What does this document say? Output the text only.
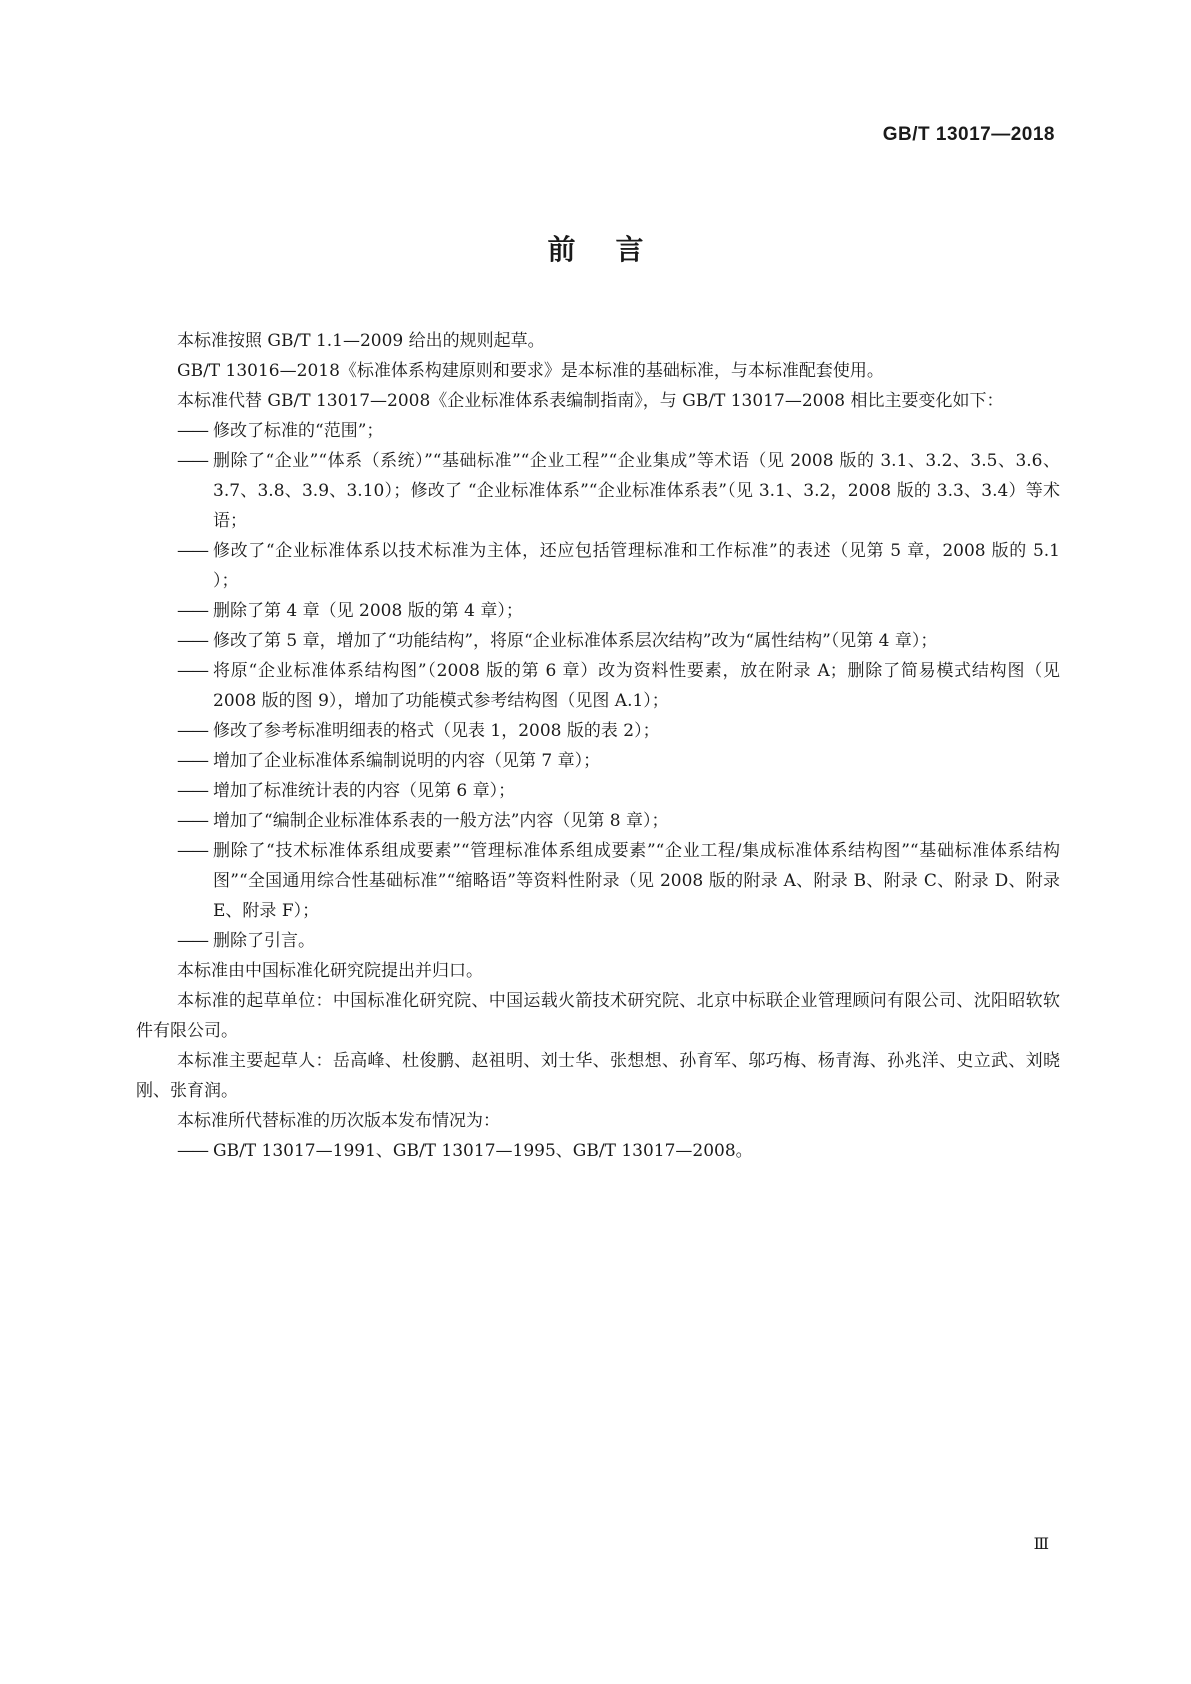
GB/T 13017—2018
前言

本标准按照 GB/T 1.1—2009 给出的规则起草。

GB/T 13016—2018《标准体系构建原则和要求》是本标准的基础标准，与本标准配套使用。

本标准代替 GB/T 13017—2008《企业标准体系表编制指南》，与 GB/T 13017—2008 相比主要变化如下：

—— 修改了标准的“范围”；

—— 删除了“企业”“体系（系统）”“基础标准”“企业工程”“企业集成”等术语（见 2008 版的 3.1、3.2、3.5、3.6、3.7、3.8、3.9、3.10）；修改了 “企业标准体系”“企业标准体系表”（见 3.1、3.2，2008 版的 3.3、3.4）等术语；

—— 修改了“企业标准体系以技术标准为主体，还应包括管理标准和工作标准”的表述（见第 5 章，2008 版的 5.1 ）；

—— 删除了第 4 章（见 2008 版的第 4 章）；

—— 修改了第 5 章，增加了“功能结构”，将原“企业标准体系层次结构”改为“属性结构”（见第 4 章）；

—— 将原“企业标准体系结构图”（2008 版的第 6 章）改为资料性要素，放在附录 A；删除了简易模式结构图（见 2008 版的图 9），增加了功能模式参考结构图（见图 A.1）；

—— 修改了参考标准明细表的格式（见表 1，2008 版的表 2）；

—— 增加了企业标准体系编制说明的内容（见第 7 章）；

—— 增加了标准统计表的内容（见第 6 章）；

—— 增加了“编制企业标准体系表的一般方法”内容（见第 8 章）；

—— 删除了“技术标准体系组成要素”“管理标准体系组成要素”“企业工程/集成标准体系结构图”“基础标准体系结构图”“全国通用综合性基础标准”“缩略语”等资料性附录（见 2008 版的附录 A、附录 B、附录 C、附录 D、附录 E、附录 F）；

—— 删除了引言。

本标准由中国标准化研究院提出并归口。

本标准的起草单位：中国标准化研究院、中国运载火箭技术研究院、北京中标联企业管理顾问有限公司、沈阳昭软软件有限公司。

本标准主要起草人：岳高峰、杜俊鹏、赵祖明、刘士华、张想想、孙育军、邬巧梅、杨青海、孙兆洋、史立武、刘晓刚、张育润。

本标准所代替标准的历次版本发布情况为：

—— GB/T 13017—1991、GB/T 13017—1995、GB/T 13017—2008。

Ⅲ
